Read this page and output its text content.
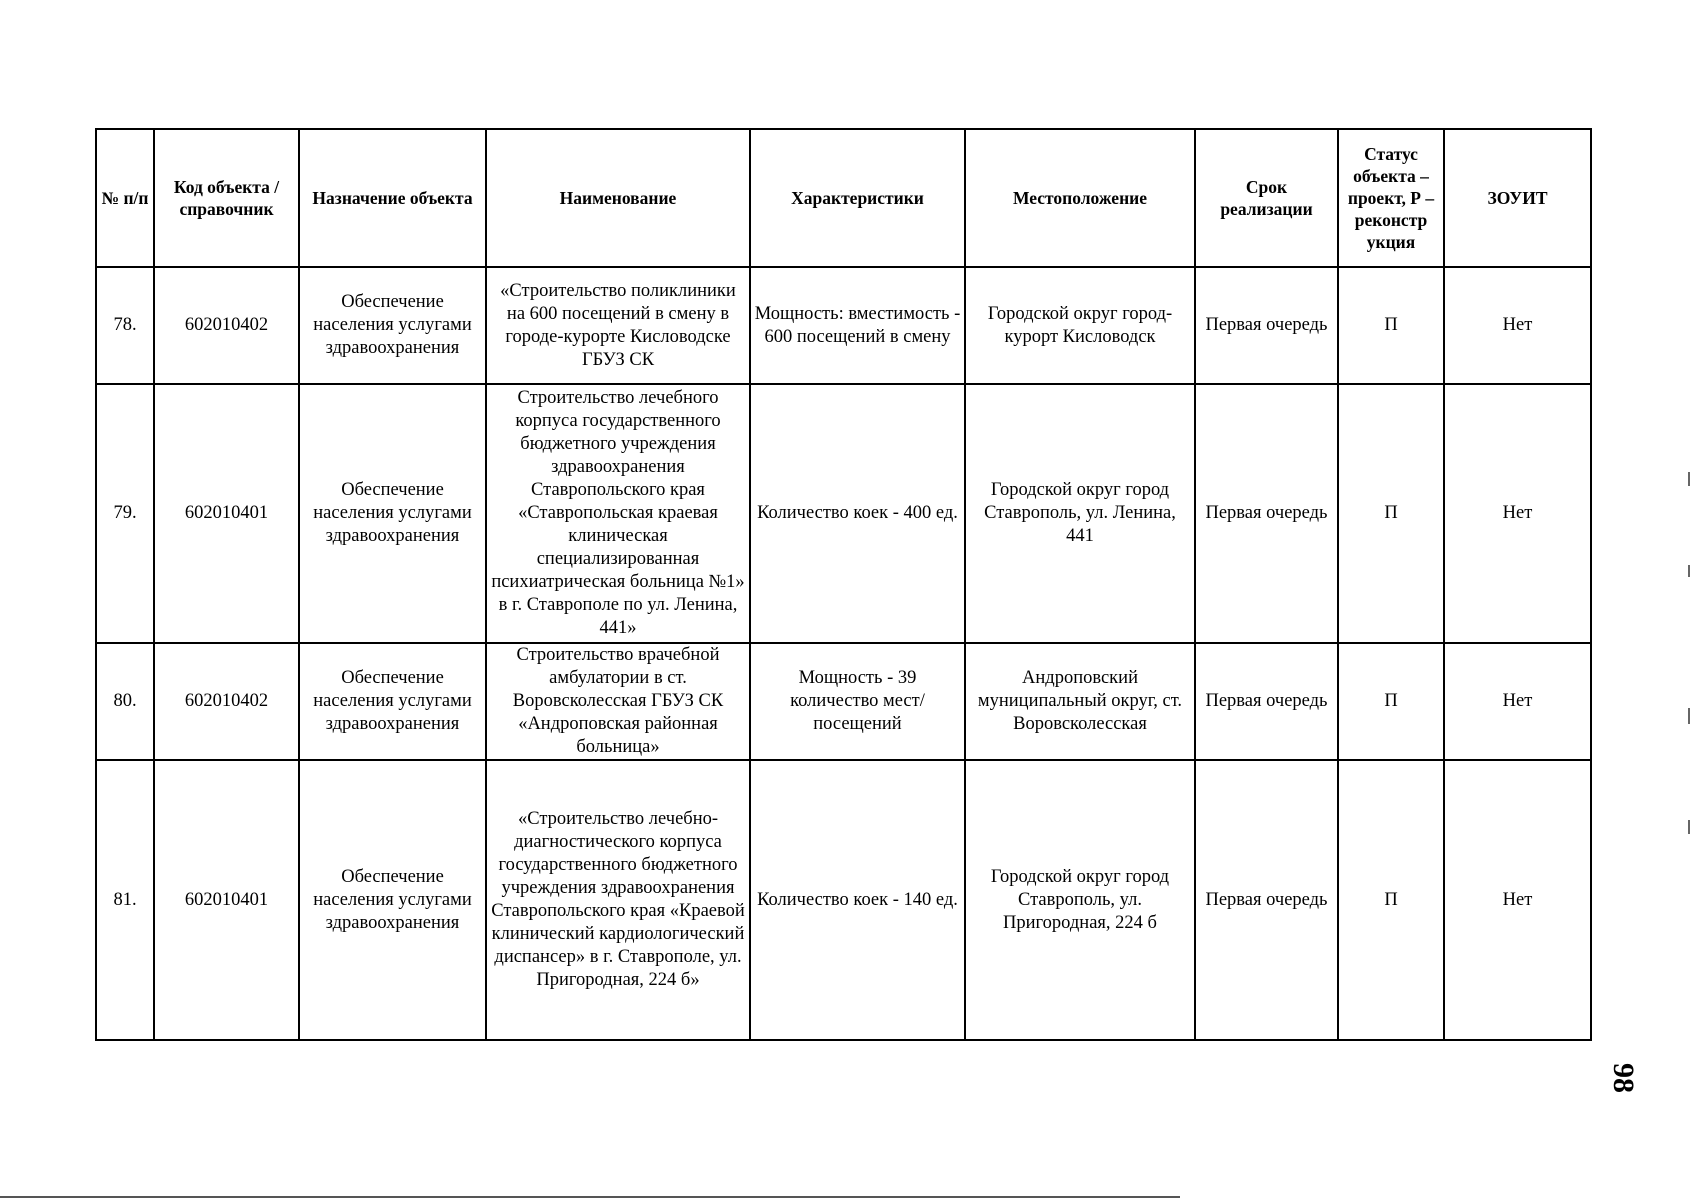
№ п/п	Код объекта / справочник	Назначение объекта	Наименование	Характеристики	Местоположение	Срок реализации	Статус объекта – проект, Р – реконстр укция	ЗОУИТ
78.	602010402	Обеспечение населения услугами здравоохранения	«Строительство поликлиники на 600 посещений в смену в городе-курорте Кисловодске ГБУЗ СК	Мощность: вместимость - 600 посещений в смену	Городской округ город-курорт Кисловодск	Первая очередь	П	Нет
79.	602010401	Обеспечение населения услугами здравоохранения	Строительство лечебного корпуса государственного бюджетного учреждения здравоохранения Ставропольского края «Ставропольская краевая клиническая специализированная психиатрическая больница №1» в г. Ставрополе по ул. Ленина, 441»	Количество коек - 400 ед.	Городской округ город Ставрополь, ул. Ленина, 441	Первая очередь	П	Нет
80.	602010402	Обеспечение населения услугами здравоохранения	Строительство врачебной амбулатории в ст. Воровсколесская ГБУЗ СК «Андроповская районная больница»	Мощность - 39 количество мест/посещений	Андроповский муниципальный округ, ст. Воровсколесская	Первая очередь	П	Нет
81.	602010401	Обеспечение населения услугами здравоохранения	«Строительство лечебно-диагностического корпуса государственного бюджетного учреждения здравоохранения Ставропольского края «Краевой клинический кардиологический диспансер» в г. Ставрополе, ул. Пригородная, 224 б»	Количество коек - 140 ед.	Городской округ город Ставрополь, ул. Пригородная, 224 б	Первая очередь	П	Нет
98
